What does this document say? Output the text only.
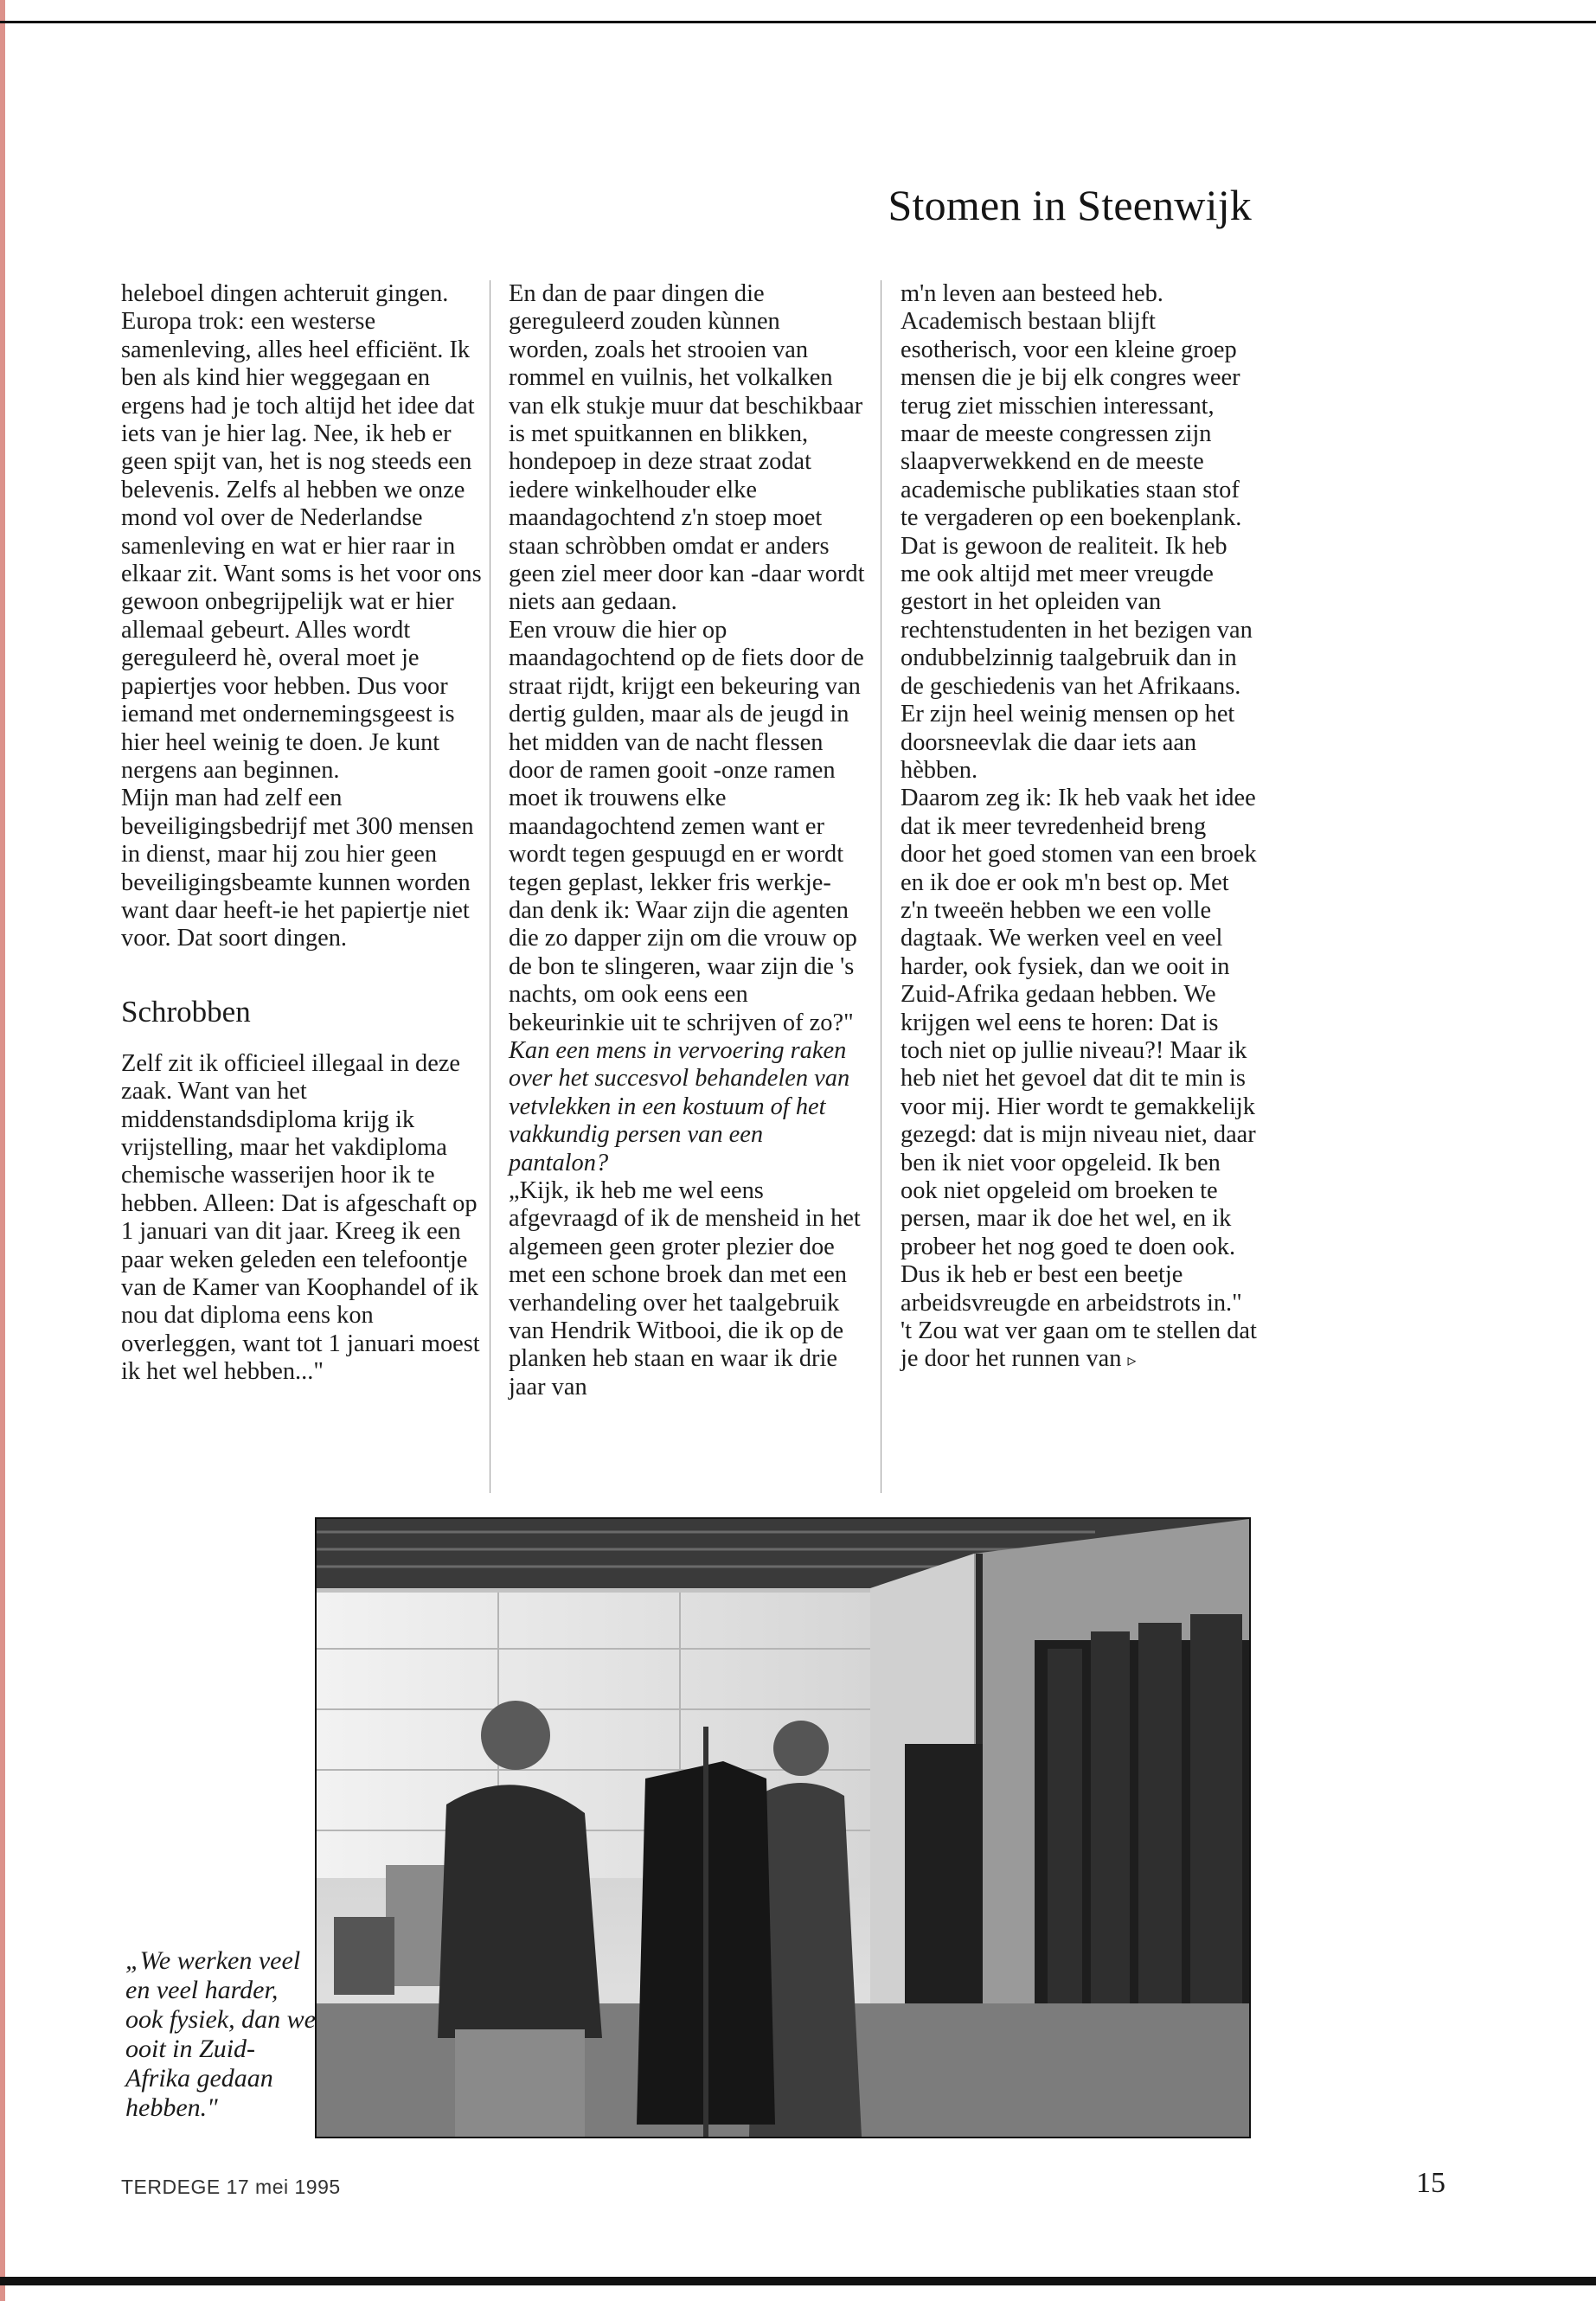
Stomen in Steenwijk

heleboel dingen achteruit gingen. Europa trok: een westerse samenleving, alles heel efficiënt. Ik ben als kind hier weggegaan en ergens had je toch altijd het idee dat iets van je hier lag. Nee, ik heb er geen spijt van, het is nog steeds een belevenis. Zelfs al hebben we onze mond vol over de Nederlandse samenleving en wat er hier raar in elkaar zit. Want soms is het voor ons gewoon onbegrijpelijk wat er hier allemaal gebeurt. Alles wordt gereguleerd hè, overal moet je papiertjes voor hebben. Dus voor iemand met ondernemingsgeest is hier heel weinig te doen. Je kunt nergens aan beginnen.

Mijn man had zelf een beveiligingsbedrijf met 300 mensen in dienst, maar hij zou hier geen beveiligingsbeamte kunnen worden want daar heeft-ie het papiertje niet voor. Dat soort dingen.

Schrobben

Zelf zit ik officieel illegaal in deze zaak. Want van het middenstandsdiploma krijg ik vrijstelling, maar het vakdiploma chemische wasserijen hoor ik te hebben. Alleen: Dat is afgeschaft op 1 januari van dit jaar. Kreeg ik een paar weken geleden een telefoontje van de Kamer van Koophandel of ik nou dat diploma eens kon overleggen, want tot 1 januari moest ik het wel hebben..."

En dan de paar dingen die gereguleerd zouden kùnnen worden, zoals het strooien van rommel en vuilnis, het volkalken van elk stukje muur dat beschikbaar is met spuitkannen en blikken, hondepoep in deze straat zodat iedere winkelhouder elke maandagochtend z'n stoep moet staan schròbben omdat er anders geen ziel meer door kan -daar wordt niets aan gedaan.

Een vrouw die hier op maandagochtend op de fiets door de straat rijdt, krijgt een bekeuring van dertig gulden, maar als de jeugd in het midden van de nacht flessen door de ramen gooit -onze ramen moet ik trouwens elke maandagochtend zemen want er wordt tegen gespuugd en er wordt tegen geplast, lekker fris werkje- dan denk ik: Waar zijn die agenten die zo dapper zijn om die vrouw op de bon te slingeren, waar zijn die 's nachts, om ook eens een bekeurinkie uit te schrijven of zo?"

Kan een mens in vervoering raken over het succesvol behandelen van vetvlekken in een kostuum of het vakkundig persen van een pantalon?

„Kijk, ik heb me wel eens afgevraagd of ik de mensheid in het algemeen geen groter plezier doe met een schone broek dan met een verhandeling over het taalgebruik van Hendrik Witbooi, die ik op de planken heb staan en waar ik drie jaar van

m'n leven aan besteed heb. Academisch bestaan blijft esotherisch, voor een kleine groep mensen die je bij elk congres weer terug ziet misschien interessant, maar de meeste congressen zijn slaapverwekkend en de meeste academische publikaties staan stof te vergaderen op een boekenplank. Dat is gewoon de realiteit. Ik heb me ook altijd met meer vreugde gestort in het opleiden van rechtenstudenten in het bezigen van ondubbelzinnig taalgebruik dan in de geschiedenis van het Afrikaans. Er zijn heel weinig mensen op het doorsneevlak die daar iets aan hèbben.

Daarom zeg ik: Ik heb vaak het idee dat ik meer tevredenheid breng door het goed stomen van een broek en ik doe er ook m'n best op. Met z'n tweeën hebben we een volle dagtaak. We werken veel en veel harder, ook fysiek, dan we ooit in Zuid-Afrika gedaan hebben. We krijgen wel eens te horen: Dat is toch niet op jullie niveau?! Maar ik heb niet het gevoel dat dit te min is voor mij. Hier wordt te gemakkelijk gezegd: dat is mijn niveau niet, daar ben ik niet voor opgeleid. Ik ben ook niet opgeleid om broeken te persen, maar ik doe het wel, en ik probeer het nog goed te doen ook. Dus ik heb er best een beetje arbeidsvreugde en arbeidstrots in."

't Zou wat ver gaan om te stellen dat je door het runnen van ▹

„We werken veel en veel harder, ook fysiek, dan we ooit in Zuid-Afrika gedaan hebben."

TERDEGE 17 mei 1995	15
